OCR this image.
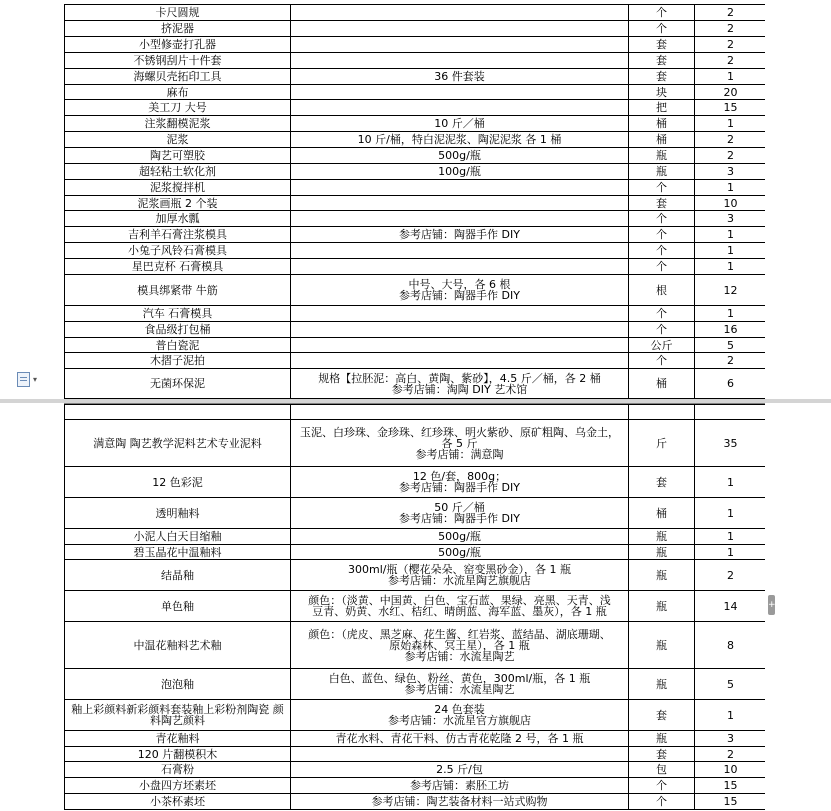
▾
卡尺圆规		个	2
挤泥器		个	2
小型修壶打孔器		套	2
不锈钢刮片十件套		套	2
海螺贝壳拓印工具	36 件套装	套	1
麻布		块	20
美工刀 大号		把	15
注浆翻模泥浆	10 斤／桶	桶	1
泥浆	10 斤/桶，特白泥泥浆、陶泥泥浆 各 1 桶	桶	2
陶艺可塑胶	500g/瓶	瓶	2
超轻粘土软化剂	100g/瓶	瓶	3
泥浆搅拌机		个	1
泥浆画瓶 2 个装		套	10
加厚水瓢		个	3
吉利羊石膏注浆模具	参考店铺：陶器手作 DIY	个	1
小兔子风铃石膏模具		个	1
星巴克杯 石膏模具		个	1
模具绑紧带 牛筋	中号、大号，各 6 根
参考店铺：陶器手作 DIY	根	12
汽车 石膏模具		个	1
食品级打包桶		个	16
普白瓷泥		公斤	5
木摺子泥拍		个	2
无菌环保泥	规格【拉胚泥：高白、黄陶、紫砂】，4.5 斤／桶，各 2 桶
参考店铺：淘陶 DIY 艺术馆	桶	6

满意陶 陶艺教学泥料艺术专业泥料	玉泥、白珍珠、金珍珠、红珍珠、明火紫砂、原矿粗陶、乌金土，
各 5 斤
参考店铺：满意陶	斤	35
12 色彩泥	12 色/套，800g；
参考店铺：陶器手作 DIY	套	1
透明釉料	50 斤／桶
参考店铺：陶器手作 DIY	桶	1
小泥人白天目缩釉	500g/瓶	瓶	1
碧玉晶花中温釉料	500g/瓶	瓶	1
结晶釉	300ml/瓶（樱花朵朵、窑变黑砂金），各 1 瓶
参考店铺：水流星陶艺旗舰店	瓶	2
单色釉	颜色：（淡黄、中国黄、白色、宝石蓝、果绿、亮黑、天青、浅
豆青、奶黄、水红、桔红、晴朗蓝、海军蓝、墨灰），各 1 瓶	瓶	14
中温花釉料艺术釉	颜色：（虎皮、黑芝麻、花生酱、红岩浆、蓝结晶、湖底珊瑚、
原始森林、冥王星），各 1 瓶
参考店铺：水流星陶艺	瓶	8
泡泡釉	白色、蓝色、绿色、粉丝、黄色，300ml/瓶，各 1 瓶
参考店铺：水流星陶艺	瓶	5
釉上彩颜料新彩颜料套装釉上彩粉剂陶瓷 颜料陶艺颜料	24 色套装
参考店铺：水流星官方旗舰店	套	1
青花釉料	青花水料、青花干料、仿古青花乾隆 2 号，各 1 瓶	瓶	3
120 片翻模积木		套	2
石膏粉	2.5 斤/包	包	10
小盘四方坯素坯	参考店铺：素胚工坊	个	15
小茶杯素坯	参考店铺：陶艺装备材料一站式购物	个	15
+
